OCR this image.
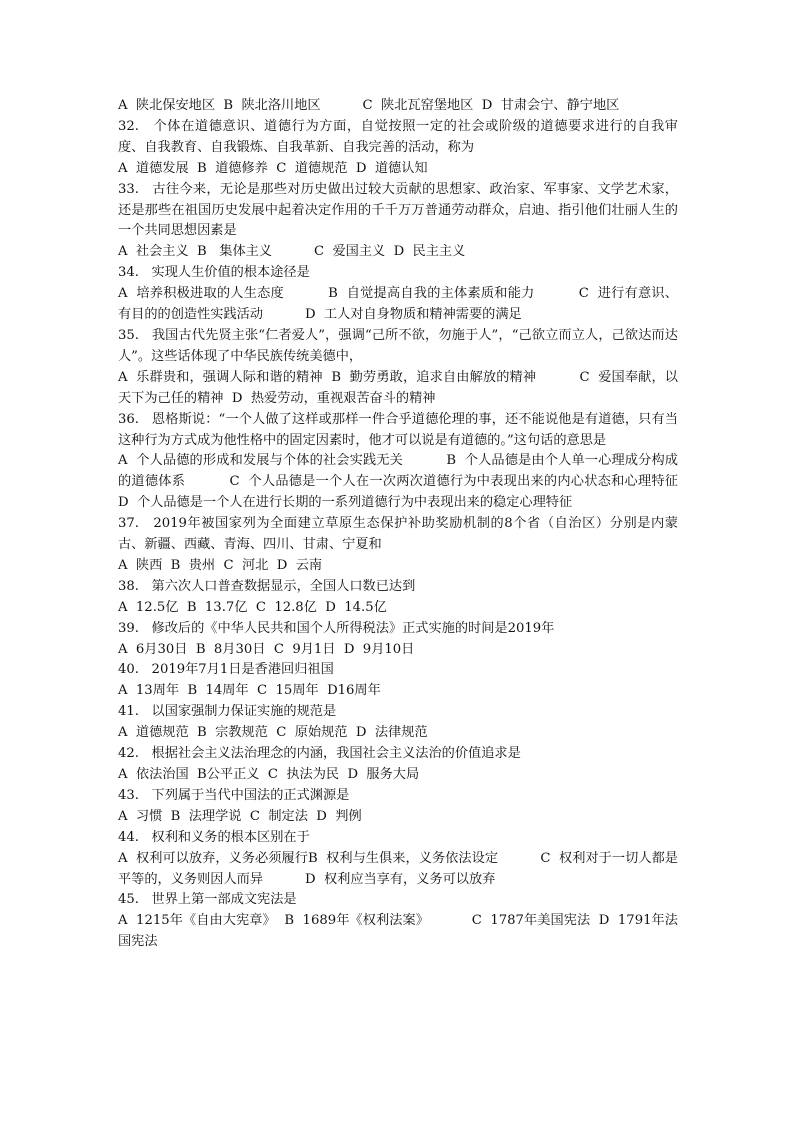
A  陕北保安地区  B  陕北洛川地区          C  陕北瓦窑堡地区  D  甘肃会宁、静宁地区

32.   个体在道德意识、道德行为方面，自觉按照一定的社会或阶级的道德要求进行的自我审度、自我教育、自我锻炼、自我革新、自我完善的活动，称为

A  道德发展  B  道德修养  C  道德规范  D  道德认知

33.   古往今来，无论是那些对历史做出过较大贡献的思想家、政治家、军事家、文学艺术家，还是那些在祖国历史发展中起着决定作用的千千万万普通劳动群众，启迪、指引他们壮丽人生的一个共同思想因素是

A  社会主义  B   集体主义          C  爱国主义  D  民主主义

34.   实现人生价值的根本途径是

A  培养积极进取的人生态度          B  自觉提高自我的主体素质和能力          C  进行有意识、有目的的创造性实践活动          D  工人对自身物质和精神需要的满足

35.   我国古代先贤主张“仁者爱人”，强调“己所不欲，勿施于人”，“己欲立而立人，己欲达而达人”。这些话体现了中华民族传统美德中，

A  乐群贵和，强调人际和谐的精神  B  勤劳勇敢，追求自由解放的精神          C  爱国奉献，以天下为己任的精神  D  热爱劳动，重视艰苦奋斗的精神

36.   恩格斯说：“一个人做了这样或那样一件合乎道德伦理的事，还不能说他是有道德，只有当这种行为方式成为他性格中的固定因素时，他才可以说是有道德的。”这句话的意思是

A  个人品德的形成和发展与个体的社会实践无关          B  个人品德是由个人单一心理成分构成的道德体系          C  个人品德是一个人在一次两次道德行为中表现出来的内心状态和心理特征          D  个人品德是一个人在进行长期的一系列道德行为中表现出来的稳定心理特征

37.   2019年被国家列为全面建立草原生态保护补助奖励机制的8个省（自治区）分别是内蒙古、新疆、西藏、青海、四川、甘肃、宁夏和

A  陕西  B  贵州  C  河北  D  云南

38.   第六次人口普查数据显示，全国人口数已达到

A  12.5亿  B  13.7亿  C  12.8亿  D  14.5亿

39.   修改后的《中华人民共和国个人所得税法》正式实施的时间是2019年

A  6月30日  B  8月30日  C  9月1日  D  9月10日

40.   2019年7月1日是香港回归祖国

A  13周年  B  14周年  C  15周年  D16周年

41.   以国家强制力保证实施的规范是

A  道德规范  B  宗教规范  C  原始规范  D  法律规范

42.   根据社会主义法治理念的内涵，我国社会主义法治的价值追求是

A  依法治国  B公平正义  C  执法为民  D  服务大局

43.   下列属于当代中国法的正式渊源是

A  习惯  B  法理学说  C  制定法  D  判例

44.   权利和义务的根本区别在于

A  权利可以放弃，义务必须履行B  权利与生俱来，义务依法设定          C  权利对于一切人都是平等的，义务则因人而异          D  权利应当享有，义务可以放弃

45.   世界上第一部成文宪法是

A  1215年《自由大宪章》  B  1689年《权利法案》          C  1787年美国宪法  D  1791年法国宪法
